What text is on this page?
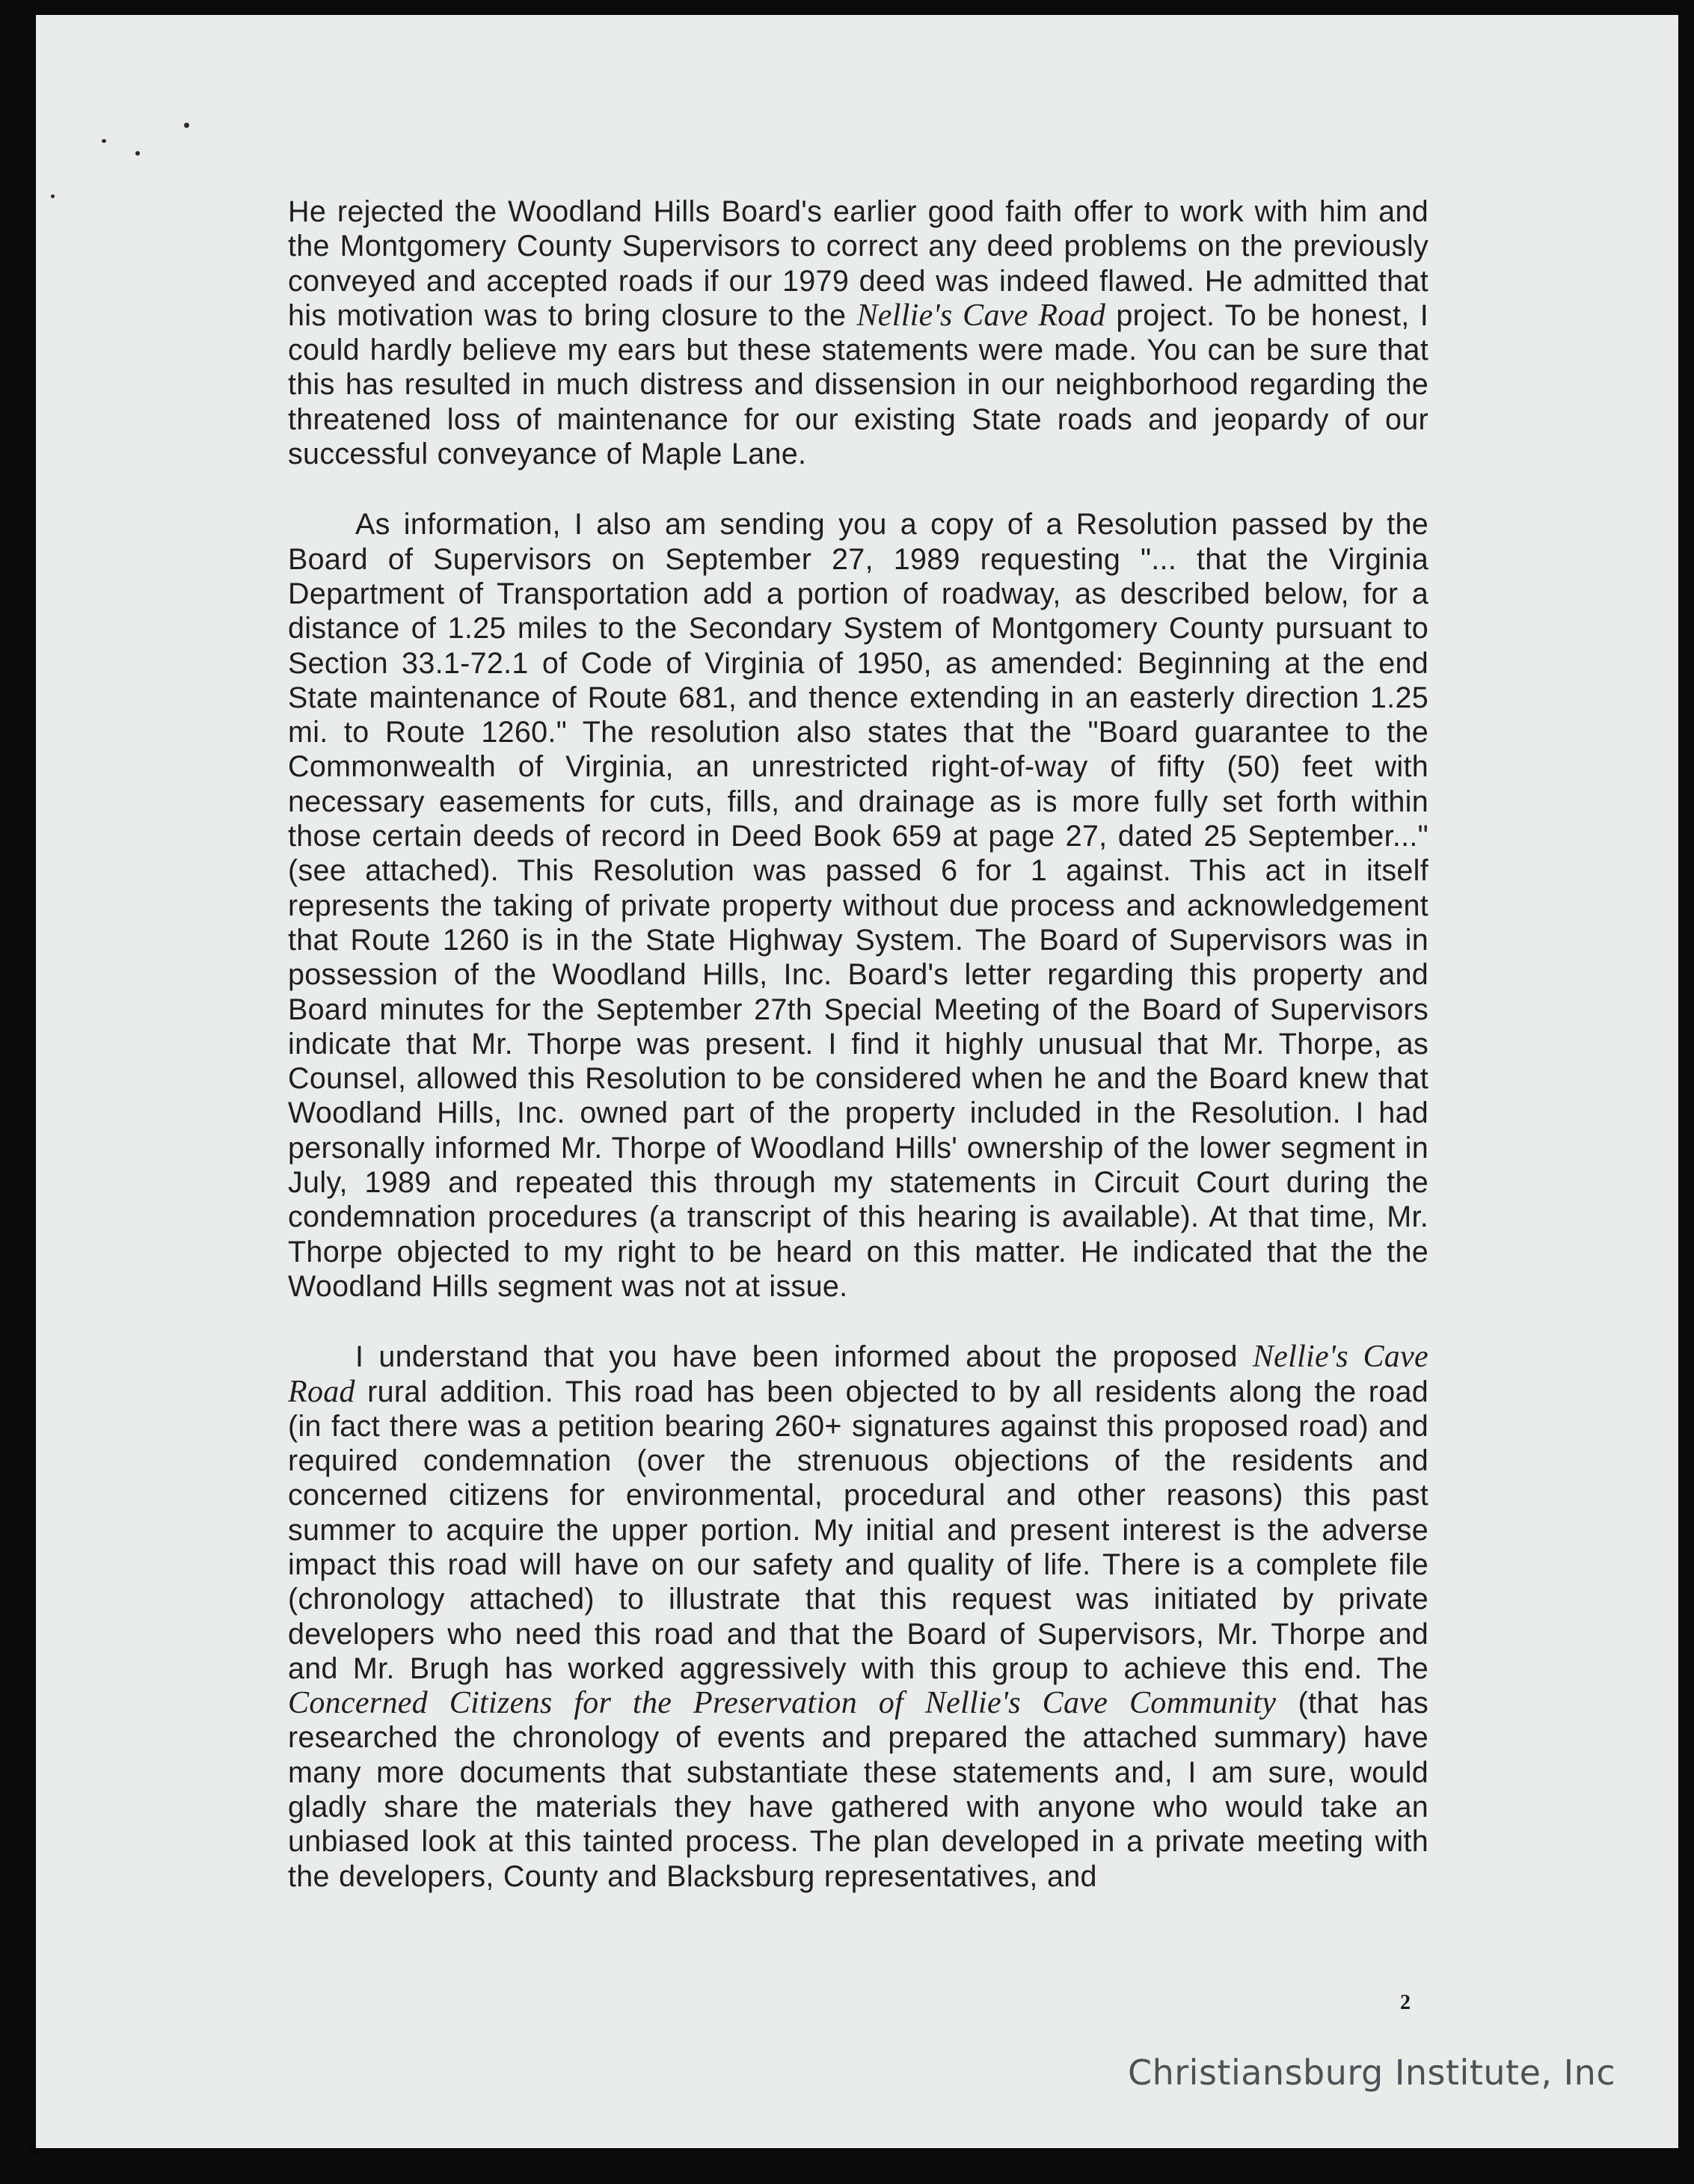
He rejected the Woodland Hills Board's earlier good faith offer to work with him and the Montgomery County Supervisors to correct any deed problems on the previously conveyed and accepted roads if our 1979 deed was indeed flawed. He admitted that his motivation was to bring closure to the Nellie's Cave Road project. To be honest, I could hardly believe my ears but these statements were made. You can be sure that this has resulted in much distress and dissension in our neighborhood regarding the threatened loss of maintenance for our existing State roads and jeopardy of our successful conveyance of Maple Lane.

As information, I also am sending you a copy of a Resolution passed by the Board of Supervisors on September 27, 1989 requesting "... that the Virginia Department of Transportation add a portion of roadway, as described below, for a distance of 1.25 miles to the Secondary System of Montgomery County pursuant to Section 33.1-72.1 of Code of Virginia of 1950, as amended: Beginning at the end State maintenance of Route 681, and thence extending in an easterly direction 1.25 mi. to Route 1260." The resolution also states that the "Board guarantee to the Commonwealth of Virginia, an unrestricted right-of-way of fifty (50) feet with necessary easements for cuts, fills, and drainage as is more fully set forth within those certain deeds of record in Deed Book 659 at page 27, dated 25 September..." (see attached). This Resolution was passed 6 for 1 against. This act in itself represents the taking of private property without due process and acknowledgement that Route 1260 is in the State Highway System. The Board of Supervisors was in possession of the Woodland Hills, Inc. Board's letter regarding this property and Board minutes for the September 27th Special Meeting of the Board of Supervisors indicate that Mr. Thorpe was present. I find it highly unusual that Mr. Thorpe, as Counsel, allowed this Resolution to be considered when he and the Board knew that Woodland Hills, Inc. owned part of the property included in the Resolution. I had personally informed Mr. Thorpe of Woodland Hills' ownership of the lower segment in July, 1989 and repeated this through my statements in Circuit Court during the condemnation procedures (a transcript of this hearing is available). At that time, Mr. Thorpe objected to my right to be heard on this matter. He indicated that the the Woodland Hills segment was not at issue.

I understand that you have been informed about the proposed Nellie's Cave Road rural addition. This road has been objected to by all residents along the road (in fact there was a petition bearing 260+ signatures against this proposed road) and required condemnation (over the strenuous objections of the residents and concerned citizens for environmental, procedural and other reasons) this past summer to acquire the upper portion. My initial and present interest is the adverse impact this road will have on our safety and quality of life. There is a complete file (chronology attached) to illustrate that this request was initiated by private developers who need this road and that the Board of Supervisors, Mr. Thorpe and and Mr. Brugh has worked aggressively with this group to achieve this end. The Concerned Citizens for the Preservation of Nellie's Cave Community (that has researched the chronology of events and prepared the attached summary) have many more documents that substantiate these statements and, I am sure, would gladly share the materials they have gathered with anyone who would take an unbiased look at this tainted process. The plan developed in a private meeting with the developers, County and Blacksburg representatives, and

2
Christiansburg Institute, Inc
